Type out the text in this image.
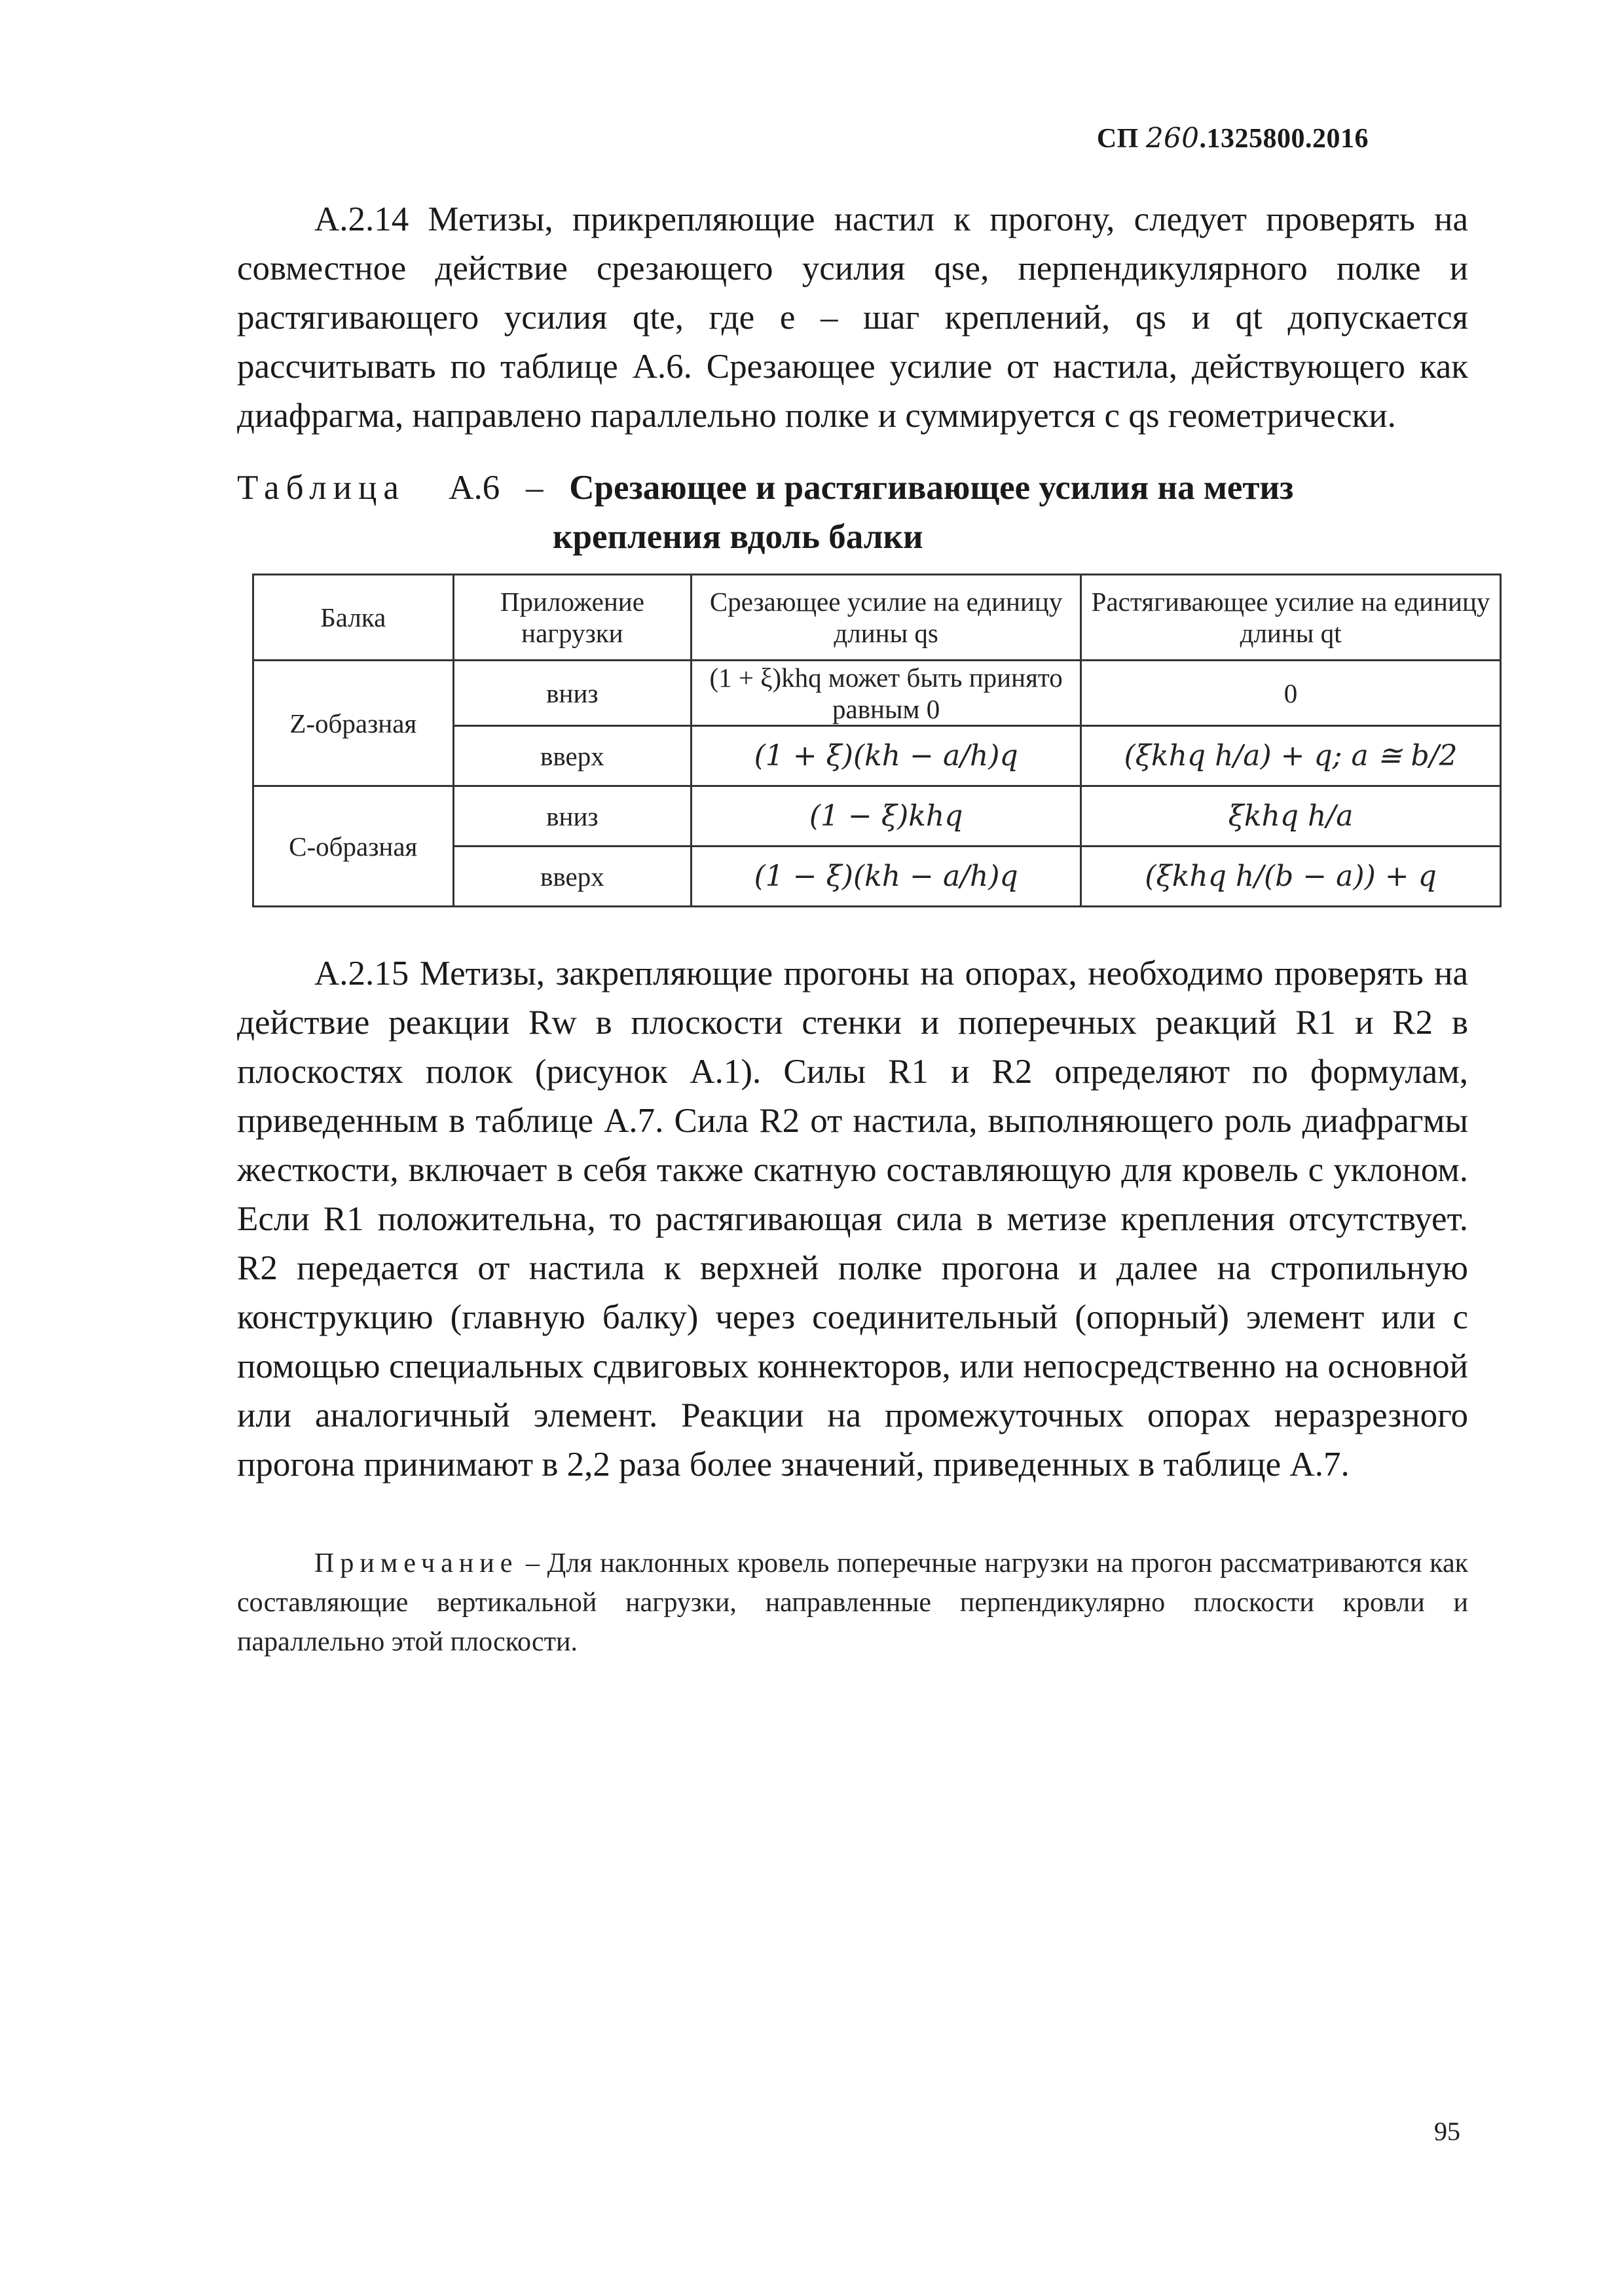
СП 260.1325800.2016
А.2.14 Метизы, прикрепляющие настил к прогону, следует проверять на совместное действие срезающего усилия qse, перпендикулярного полке и растягивающего усилия qte, где e – шаг креплений, qs и qt допускается рассчитывать по таблице А.6. Срезающее усилие от настила, действующего как диафрагма, направлено параллельно полке и суммируется с qs геометрически.
Таблица А.6 – Срезающее и растягивающее усилия на метиз
крепления вдоль балки
Балка	Приложение нагрузки	Срезающее усилие на единицу длины qs	Растягивающее усилие на единицу длины qt
Z-образная	вниз	(1 + ξ)khq может быть принято равным 0	0
	вверх	(1 + ξ)(kh − a/h)q	(ξkhq h/a) + q; a ≅ b/2
С-образная	вниз	(1 − ξ)khq	ξkhq h/a
	вверх	(1 − ξ)(kh − a/h)q	(ξkhq h/(b − a)) + q
А.2.15 Метизы, закрепляющие прогоны на опорах, необходимо проверять на действие реакции Rw в плоскости стенки и поперечных реакций R1 и R2 в плоскостях полок (рисунок А.1). Силы R1 и R2 определяют по формулам, приведенным в таблице А.7. Сила R2 от настила, выполняющего роль диафрагмы жесткости, включает в себя также скатную составляющую для кровель с уклоном. Если R1 положительна, то растягивающая сила в метизе крепления отсутствует. R2 передается от настила к верхней полке прогона и далее на стропильную конструкцию (главную балку) через соединительный (опорный) элемент или с помощью специальных сдвиговых коннекторов, или непосредственно на основной или аналогичный элемент. Реакции на промежуточных опорах неразрезного прогона принимают в 2,2 раза более значений, приведенных в таблице А.7.
Примечание – Для наклонных кровель поперечные нагрузки на прогон рассматриваются как составляющие вертикальной нагрузки, направленные перпендикулярно плоскости кровли и параллельно этой плоскости.
95
